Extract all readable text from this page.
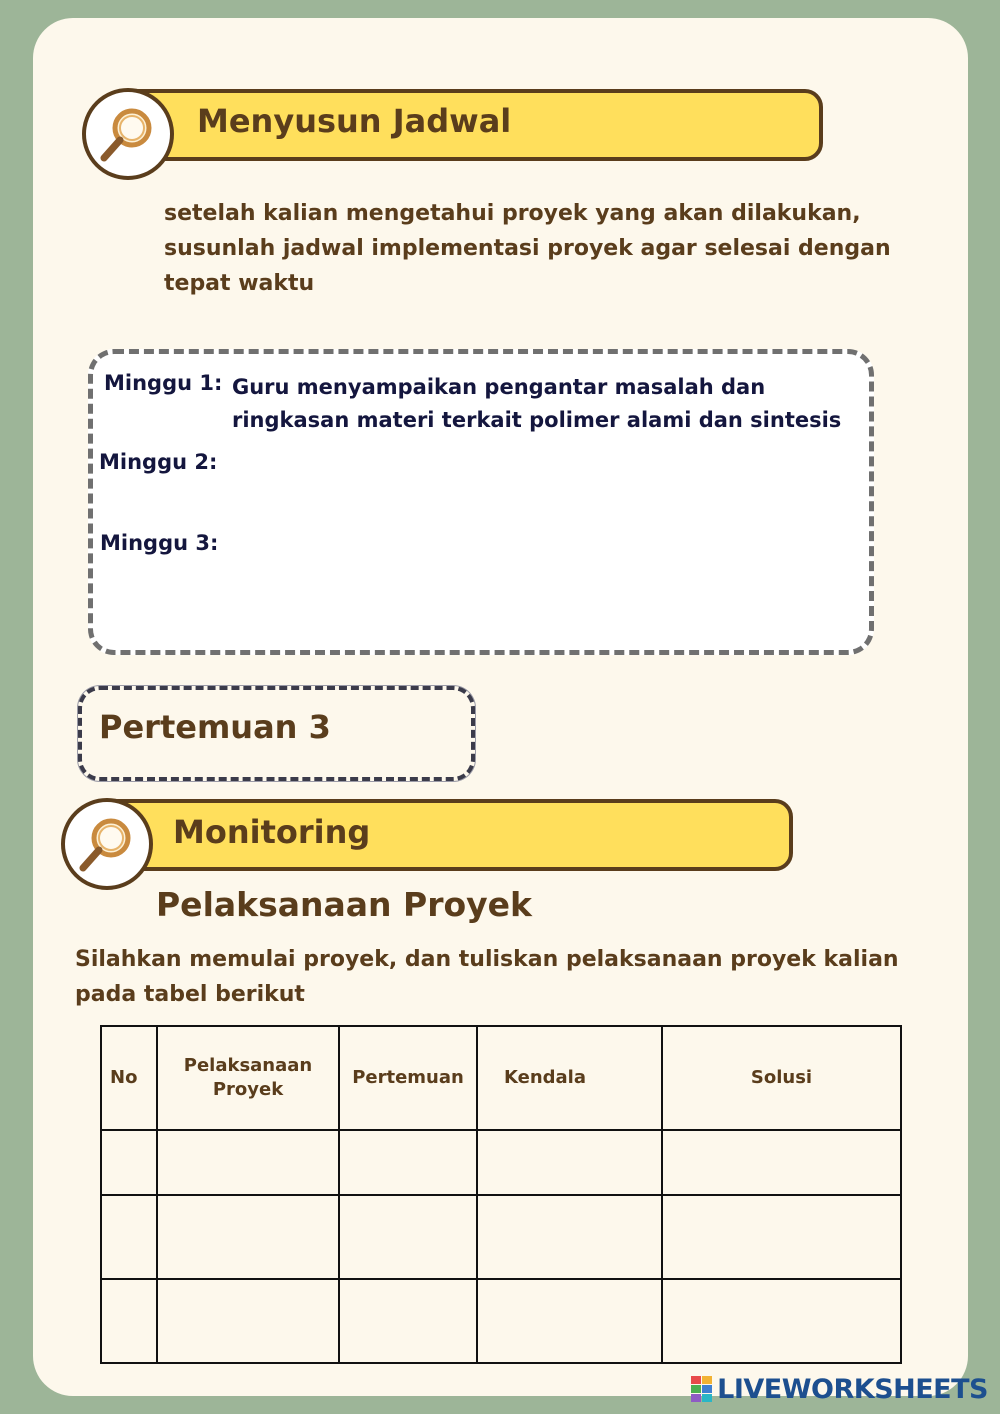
Menyusun Jadwal
setelah kalian mengetahui proyek yang akan dilakukan, susunlah jadwal implementasi proyek agar selesai dengan tepat waktu
Minggu 1: Guru menyampaikan pengantar masalah dan ringkasan materi terkait polimer alami dan sintesis
Minggu 2:
Minggu 3:
Pertemuan 3
Monitoring
Pelaksanaan Proyek
Silahkan memulai proyek, dan tuliskan pelaksanaan proyek kalian pada tabel berikut
No	Pelaksanaan Proyek	Pertemuan	Kendala	Solusi

LIVEWORKSHEETS
